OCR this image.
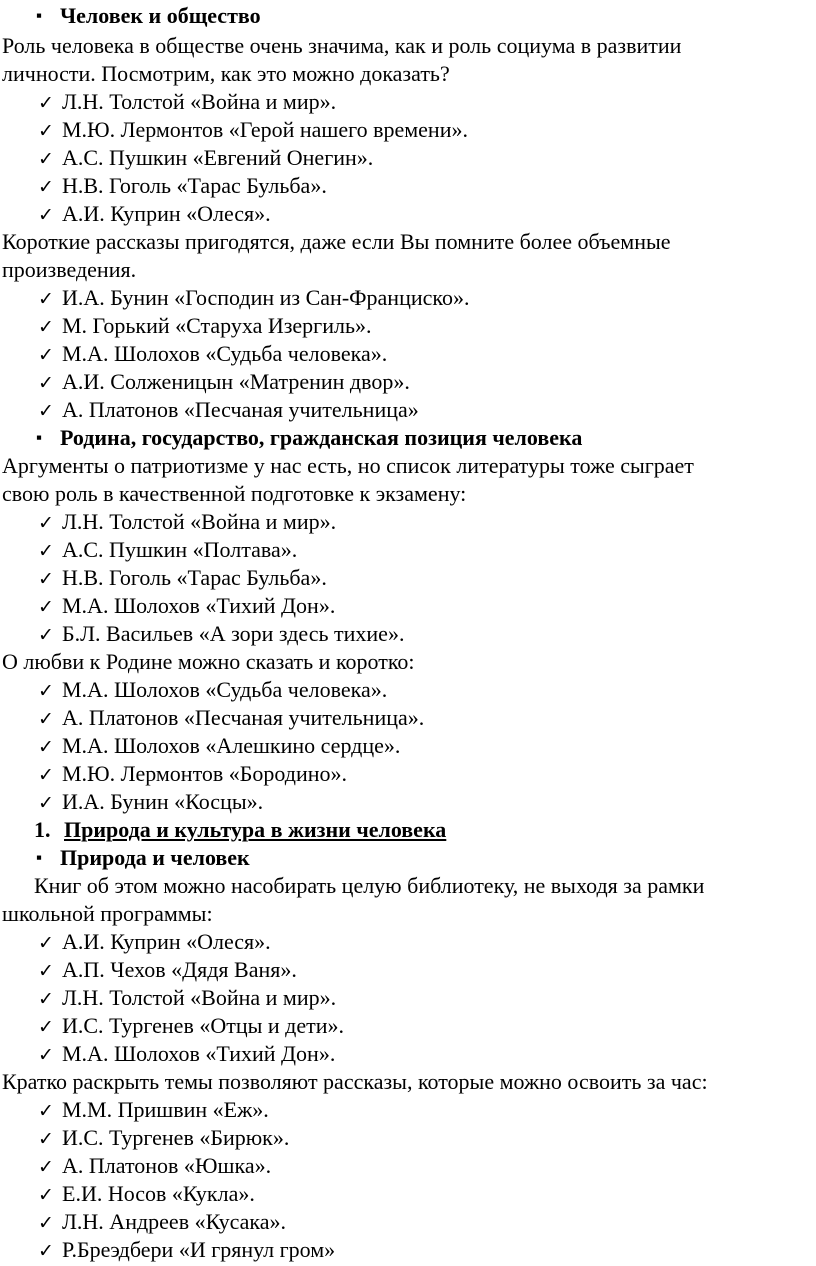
▪ Человек и общество
Роль человека в обществе очень значима, как и роль социума в развитии
личности. Посмотрим, как это можно доказать?
✓ Л.Н. Толстой «Война и мир».
✓ М.Ю. Лермонтов «Герой нашего времени».
✓ А.С. Пушкин «Евгений Онегин».
✓ Н.В. Гоголь «Тарас Бульба».
✓ А.И. Куприн «Олеся».
Короткие рассказы пригодятся, даже если Вы помните более объемные
произведения.
✓ И.А. Бунин «Господин из Сан-Франциско».
✓ М. Горький «Старуха Изергиль».
✓ М.А. Шолохов «Судьба человека».
✓ А.И. Солженицын «Матренин двор».
✓ А. Платонов «Песчаная учительница»
▪ Родина, государство, гражданская позиция человека
Аргументы о патриотизме у нас есть, но список литературы тоже сыграет
свою роль в качественной подготовке к экзамену:
✓ Л.Н. Толстой «Война и мир».
✓ А.С. Пушкин «Полтава».
✓ Н.В. Гоголь «Тарас Бульба».
✓ М.А. Шолохов «Тихий Дон».
✓ Б.Л. Васильев «А зори здесь тихие».
О любви к Родине можно сказать и коротко:
✓ М.А. Шолохов «Судьба человека».
✓ А. Платонов «Песчаная учительница».
✓ М.А. Шолохов «Алешкино сердце».
✓ М.Ю. Лермонтов «Бородино».
✓ И.А. Бунин «Косцы».
1. Природа и культура в жизни человека
▪ Природа и человек
Книг об этом можно насобирать целую библиотеку, не выходя за рамки
школьной программы:
✓ А.И. Куприн «Олеся».
✓ А.П. Чехов «Дядя Ваня».
✓ Л.Н. Толстой «Война и мир».
✓ И.С. Тургенев «Отцы и дети».
✓ М.А. Шолохов «Тихий Дон».
Кратко раскрыть темы позволяют рассказы, которые можно освоить за час:
✓ М.М. Пришвин «Еж».
✓ И.С. Тургенев «Бирюк».
✓ А. Платонов «Юшка».
✓ Е.И. Носов «Кукла».
✓ Л.Н. Андреев «Кусака».
✓ Р.Бреэдбери «И грянул гром»
